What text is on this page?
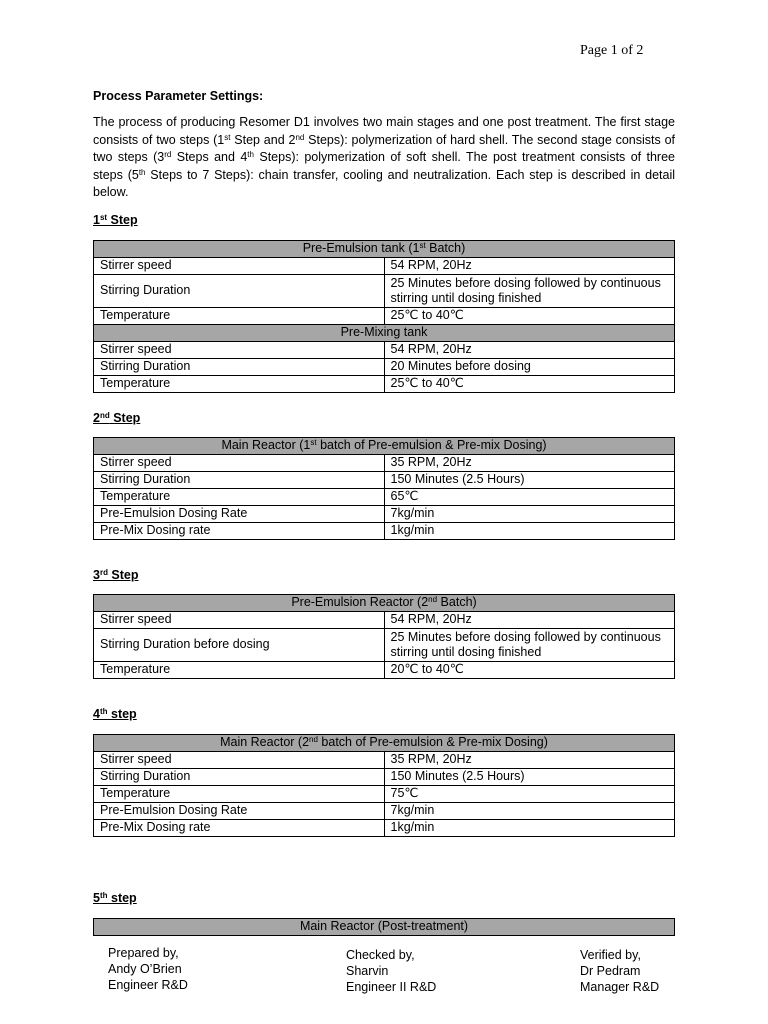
Page 1 of 2
Process Parameter Settings:
The process of producing Resomer D1 involves two main stages and one post treatment. The first stage consists of two steps (1st Step and 2nd Steps): polymerization of hard shell. The second stage consists of two steps (3rd Steps and 4th Steps): polymerization of soft shell. The post treatment consists of three steps (5th Steps to 7 Steps): chain transfer, cooling and neutralization. Each step is described in detail below.
1st Step
Pre-Emulsion tank (1st Batch)	
Stirrer speed	54 RPM, 20Hz
Stirring Duration	25 Minutes before dosing followed by continuous stirring until dosing finished
Temperature	25℃ to 40℃
Pre-Mixing tank	
Stirrer speed	54 RPM, 20Hz
Stirring Duration	20 Minutes before dosing
Temperature	25℃ to 40℃
2nd Step
Main Reactor (1st batch of Pre-emulsion & Pre-mix Dosing)	
Stirrer speed	35 RPM, 20Hz
Stirring Duration	150 Minutes (2.5 Hours)
Temperature	65℃
Pre-Emulsion Dosing Rate	7kg/min
Pre-Mix Dosing rate	1kg/min
3rd Step
Pre-Emulsion Reactor (2nd Batch)	
Stirrer speed	54 RPM, 20Hz
Stirring Duration before dosing	25 Minutes before dosing followed by continuous stirring until dosing finished
Temperature	20℃ to 40℃
4th step
Main Reactor (2nd batch of Pre-emulsion & Pre-mix Dosing)	
Stirrer speed	35 RPM, 20Hz
Stirring Duration	150 Minutes (2.5 Hours)
Temperature	75℃
Pre-Emulsion Dosing Rate	7kg/min
Pre-Mix Dosing rate	1kg/min
5th step
Main Reactor (Post-treatment)
Prepared by,
Andy O’Brien
Engineer R&D
Checked by,
Sharvin
Engineer II R&D
Verified by,
Dr Pedram
Manager R&D
